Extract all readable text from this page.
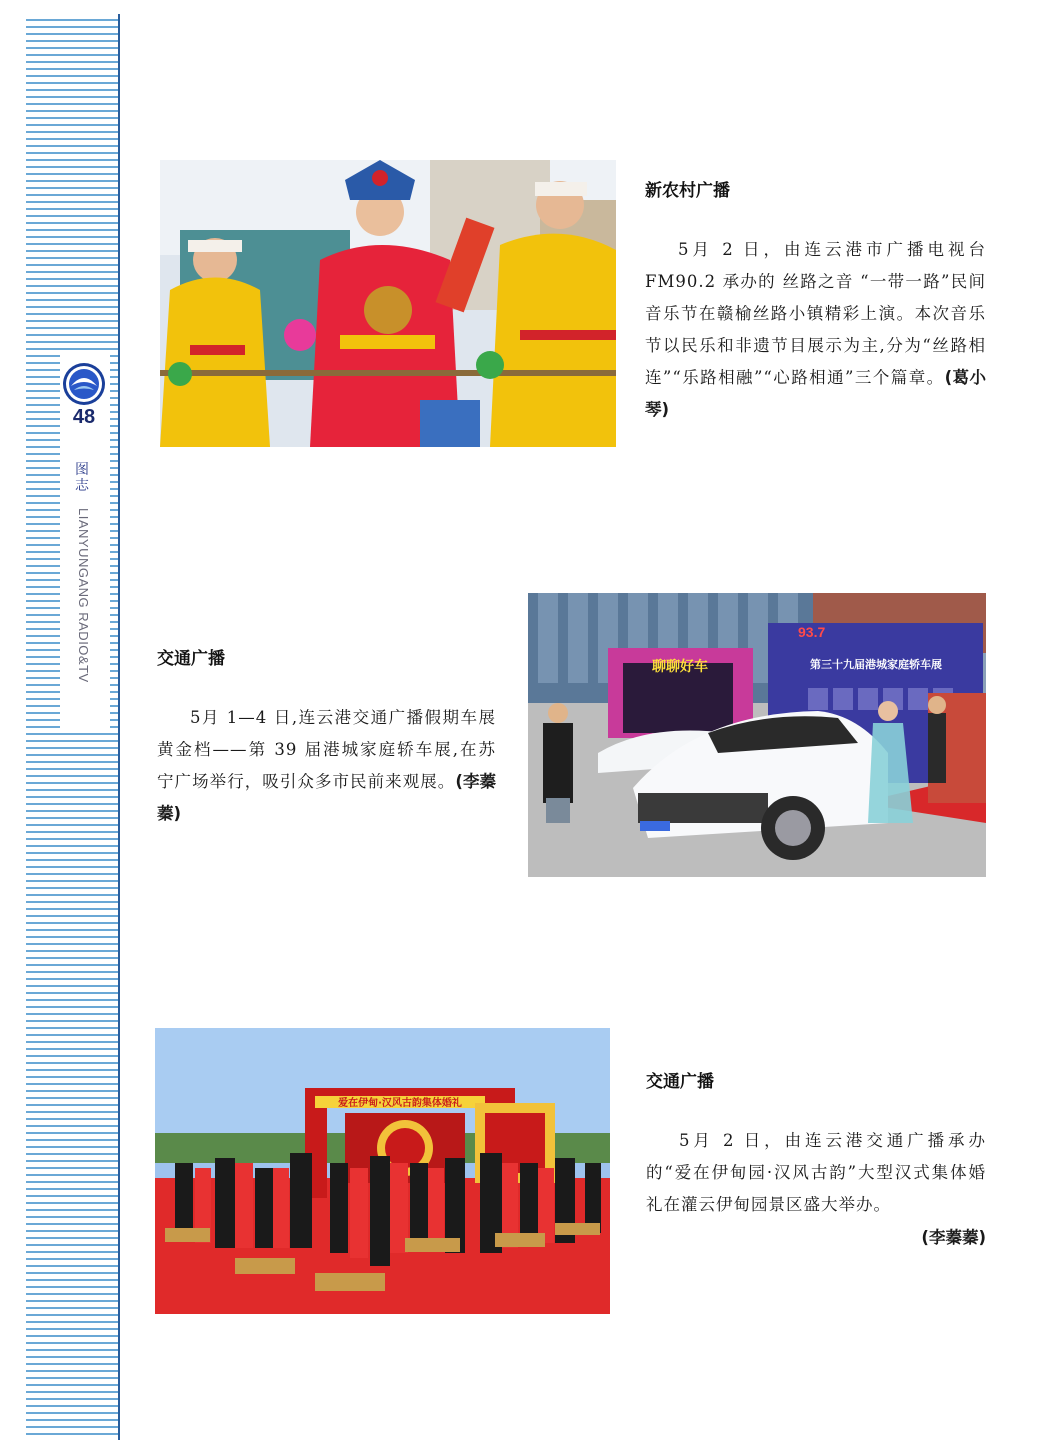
48
图志
LIANYUNGANG RADIO&TV
新农村广播
5月 2 日，由连云港市广播电视台 FM90.2 承办的 丝路之音 “一带一路”民间音乐节在赣榆丝路小镇精彩上演。本次音乐节以民乐和非遗节目展示为主,分为“丝路相连”“乐路相融”“心路相通”三个篇章。(葛小琴)
交通广播
5月 1—4 日,连云港交通广播假期车展黄金档——第 39 届港城家庭轿车展,在苏宁广场举行，吸引众多市民前来观展。(李蓁蓁)
聊聊好车
93.7
第三十九届港城家庭轿车展
爱在伊甸·汉风古韵集体婚礼
交通广播
5月 2 日，由连云港交通广播承办的“爱在伊甸园·汉风古韵”大型汉式集体婚礼在灌云伊甸园景区盛大举办。
(李蓁蓁)
